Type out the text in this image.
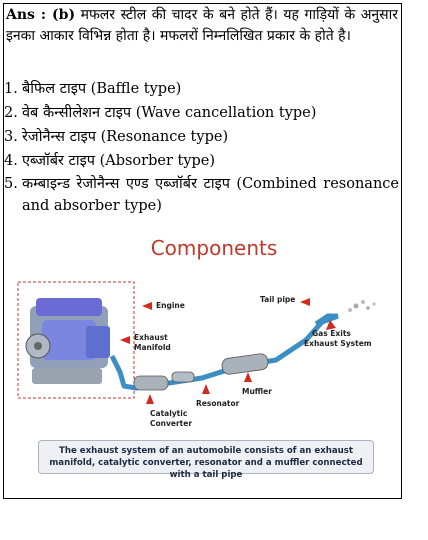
Ans : (b) मफलर स्टील की चादर के बने होते हैं। यह गाड़ियों के अनुसार इनका आकार विभिन्न होता है। मफलरों निम्नलिखित प्रकार के होते है।
1. बैफिल टाइप (Baffle type)
2. वेब कैन्सीलेशन टाइप (Wave cancellation type)
3. रेजोनैन्स टाइप (Resonance type)
4. एब्जॉर्बर टाइप (Absorber type)
5. कम्बाइन्ड रेजोनैन्स एण्ड एब्जॉर्बर टाइप (Combined resonance and absorber type)
Components
Engine
Exhaust
Manifold
Tail pipe
Gas Exits
Exhaust System
Muffler
Resonator
Catalytic
Converter
The exhaust system of an automobile consists of an exhaust manifold, catalytic converter, resonator and a muffler connected with a tail pipe
